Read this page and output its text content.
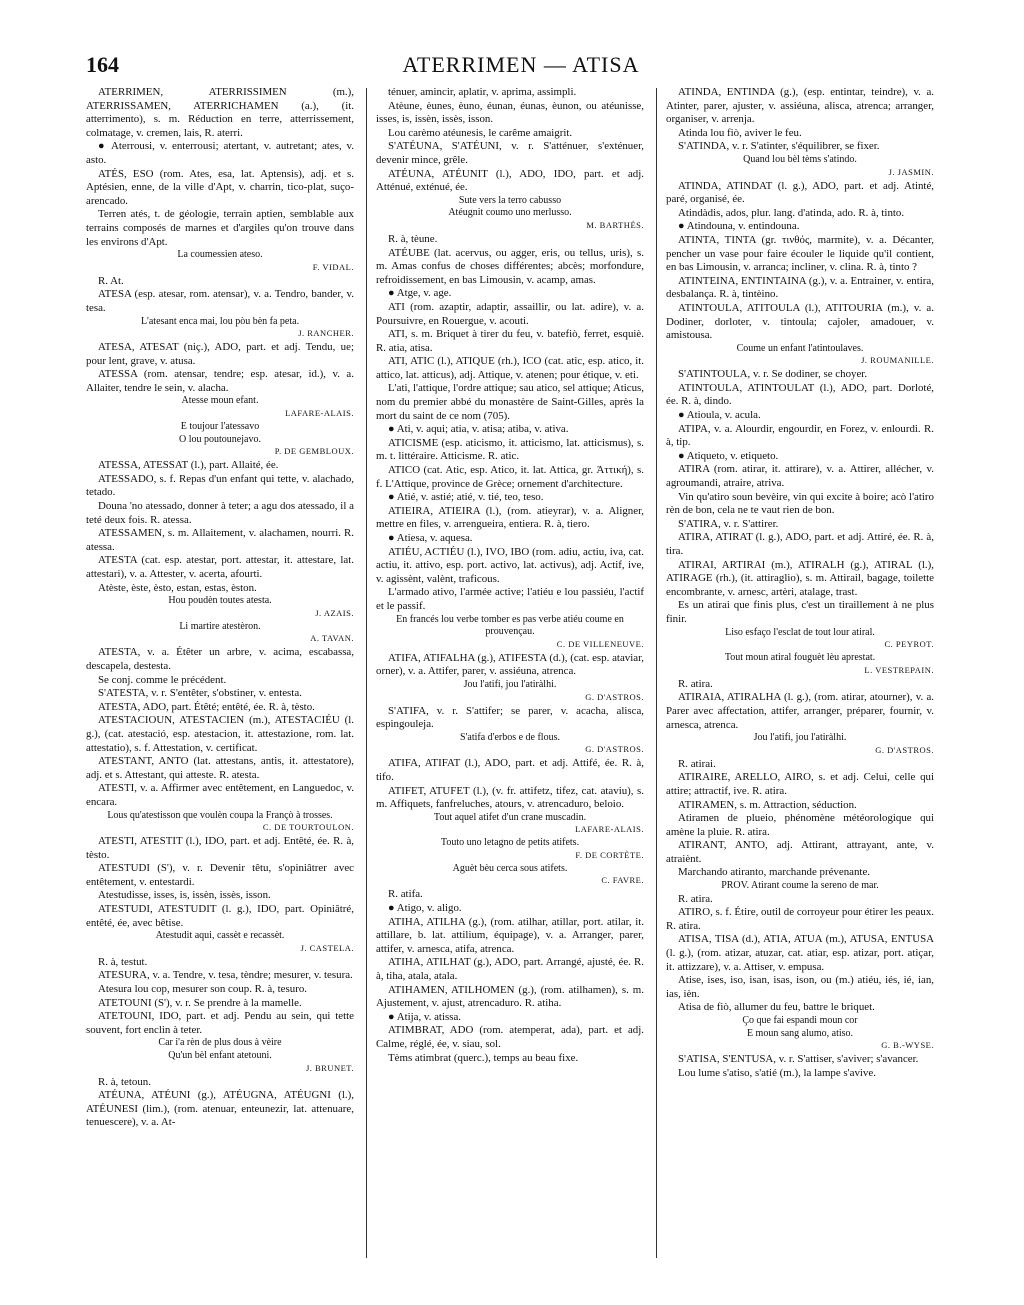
164	ATERRIMEN — ATISA
ATERRIMEN, ATERRISSIMEN (m.), ATERRISSAMEN, ATERRICHAMEN (a.), (it. atterrimento), s. m. Réduction en terre, atterrissement, colmatage, v. cremen, lais, R. aterri.
● Aterrousi, v. enterrousi; atertant, v. autretant; ates, v. asto.
ATÉS, ESO (rom. Ates, esa, lat. Aptensis), adj. et s. Aptésien, enne, de la ville d'Apt, v. charrin, tico-plat, suço-arencado.
Terren atés, t. de géologie, terrain aptien, semblable aux terrains composés de marnes et d'argiles qu'on trouve dans les environs d'Apt.
La coumessien ateso.
F. VIDAL.
R. At.
ATESA (esp. atesar, rom. atensar), v. a. Tendro, bander, v. tesa.
L'atesant enca mai, lou pòu bèn fa peta.
J. RANCHER.
ATESA, ATESAT (niç.), ADO, part. et adj. Tendu, ue; pour lent, grave, v. atusa.
ATESSA (rom. atensar, tendre; esp. atesar, id.), v. a. Allaiter, tendre le sein, v. alacha.
Atesse moun efant.
LAFARE-ALAIS.
E toujour l'atessavo
O lou poutounejavo.
P. DE GEMBLOUX.
ATESSA, ATESSAT (l.), part. Allaité, ée.
ATESSADO, s. f. Repas d'un enfant qui tette, v. alachado, tetado.
Douna 'no atessado, donner à teter; a agu dos atessado, il a teté deux fois. R. atessa.
ATESSAMEN, s. m. Allaitement, v. alachamen, nourri. R. atessa.
ATESTA (cat. esp. atestar, port. attestar, it. attestare, lat. attestari), v. a. Attester, v. acerta, afourti.
Atèste, èste, èsto, estan, estas, èston.
Hou poudèn toutes atesta.
J. AZAIS.
Li martire atestèron.
A. TAVAN.
ATESTA, v. a. Étêter un arbre, v. acima, escabassa, descapela, destesta.
Se conj. comme le précédent.
S'ATESTA, v. r. S'entêter, s'obstiner, v. entesta.
ATESTA, ADO, part. Étêté; entêté, ée. R. à, tèsto.
ATESTACIOUN, ATESTACIEN (m.), ATESTACIÉU (l. g.), (cat. atestació, esp. atestacion, it. attestazione, rom. lat. attestatio), s. f. Attestation, v. certificat.
ATESTANT, ANTO (lat. attestans, antis, it. attestatore), adj. et s. Attestant, qui atteste. R. atesta.
ATESTI, v. a. Affirmer avec entêtement, en Languedoc, v. encara.
Lous qu'atestisson que voulèn coupa la Françò à trosses.
C. DE TOURTOULON.
ATESTI, ATESTIT (l.), IDO, part. et adj. Entêté, ée. R. à, tèsto.
ATESTUDI (S'), v. r. Devenir têtu, s'opiniâtrer avec entêtement, v. entestardi.
Atestudisse, isses, is, issèn, issès, isson.
ATESTUDI, ATESTUDIT (l. g.), IDO, part. Opiniâtré, entêté, ée, avec bêtise.
Atestudit aqui, cassèt e recassèt.
J. CASTELA.
R. à, testut.
ATESURA, v. a. Tendre, v. tesa, tèndre; mesurer, v. tesura.
Atesura lou cop, mesurer son coup. R. à, tesuro.
ATETOUNI (S'), v. r. Se prendre à la mamelle.
ATETOUNI, IDO, part. et adj. Pendu au sein, qui tette souvent, fort enclin à teter.
Car i'a rèn de plus dous à vèire
Qu'un bèl enfant atetouni.
J. BRUNET.
R. à, tetoun.
ATÉUNA, ATÉUNI (g.), ATÉUGNA, ATÉUGNI (l.), ATÉUNESI (lim.), (rom. atenuar, enteunezir, lat. attenuare, tenuescere), v. a. At-
ténuer, amincir, aplatir, v. aprima, assimpli.
Atèune, èunes, èuno, éunan, éunas, èunon, ou atéunisse, isses, is, issèn, issès, isson.
Lou carèmo atéunesis, le carême amaigrit.
S'ATÉUNA, S'ATÉUNI, v. r. S'atténuer, s'exténuer, devenir mince, grêle.
ATÉUNA, ATÉUNIT (l.), ADO, IDO, part. et adj. Atténué, exténué, ée.
Sute vers la terro cabusso
Atéugnit coumo uno merlusso.
M. BARTHÉS.
R. à, tèune.
ATÉUBE (lat. acervus, ou agger, eris, ou tellus, uris), s. m. Amas confus de choses différentes; abcès; morfondure, refroidissement, en bas Limousin, v. acamp, amas.
● Atge, v. age.
ATI (rom. azaptir, adaptir, assaillir, ou lat. adire), v. a. Poursuivre, en Rouergue, v. acouti.
ATI, s. m. Briquet à tirer du feu, v. batefiò, ferret, esquiè. R. atia, atisa.
ATI, ATIC (l.), ATIQUE (rh.), ICO (cat. atic, esp. atico, it. attico, lat. atticus), adj. Attique, v. atenen; pour étique, v. eti.
L'ati, l'attique, l'ordre attique; sau atico, sel attique; Aticus, nom du premier abbé du monastère de Saint-Gilles, après la mort du saint de ce nom (705).
● Ati, v. aqui; atia, v. atisa; atiba, v. ativa.
ATICISME (esp. aticismo, it. atticismo, lat. atticismus), s. m. t. littéraire. Atticisme. R. atic.
ATICO (cat. Atic, esp. Atico, it. lat. Attica, gr. Ἀττική), s. f. L'Attique, province de Grèce; ornement d'architecture.
● Atié, v. astié; atié, v. tié, teo, teso.
ATIEIRA, ATIEIRA (l.), (rom. atieyrar), v. a. Aligner, mettre en files, v. arrengueira, entiera. R. à, tiero.
● Atiesa, v. aquesa.
ATIÉU, ACTIÉU (l.), IVO, IBO (rom. adiu, actiu, iva, cat. actiu, it. attivo, esp. port. activo, lat. activus), adj. Actif, ive, v. agissènt, valènt, traficous.
L'armado ativo, l'armée active; l'atiéu e lou passiéu, l'actif et le passif.
En francés lou verbe tomber es pas verbe atiéu coume en prouvençau.
C. DE VILLENEUVE.
ATIFA, ATIFALHA (g.), ATIFESTA (d.), (cat. esp. ataviar, orner), v. a. Attifer, parer, v. assiéuna, atrenca.
Jou l'atifi, jou l'atiràlhi.
G. D'ASTROS.
S'ATIFA, v. r. S'attifer; se parer, v. acacha, alisca, espingouleja.
S'atifa d'erbos e de flous.
G. D'ASTROS.
ATIFA, ATIFAT (l.), ADO, part. et adj. Attifé, ée. R. à, tifo.
ATIFET, ATUFET (l.), (v. fr. attifetz, tifez, cat. ataviu), s. m. Affiquets, fanfreluches, atours, v. atrencaduro, beloio.
Tout aquel atifet d'un crane muscadin.
LAFARE-ALAIS.
Touto uno letagno de petits atifets.
F. DE CORTÈTE.
Aguèt bèu cerca sous atifets.
C. FAVRE.
R. atifa.
● Atigo, v. aligo.
ATIHA, ATILHA (g.), (rom. atilhar, atillar, port. atilar, it. attillare, b. lat. attilium, équipage), v. a. Arranger, parer, attifer, v. arnesca, atifa, atrenca.
ATIHA, ATILHAT (g.), ADO, part. Arrangé, ajusté, ée. R. à, tiha, atala, atala.
ATIHAMEN, ATILHOMEN (g.), (rom. atilhamen), s. m. Ajustement, v. ajust, atrencaduro. R. atiha.
● Atija, v. atissa.
ATIMBRAT, ADO (rom. atemperat, ada), part. et adj. Calme, réglé, ée, v. siau, sol.
Tèms atimbrat (querc.), temps au beau fixe.
ATINDA, ENTINDA (g.), (esp. entintar, teindre), v. a. Atinter, parer, ajuster, v. assiéuna, alisca, atrenca; arranger, organiser, v. arrenja.
Atinda lou fiò, aviver le feu.
S'ATINDA, v. r. S'atinter, s'équilibrer, se fixer.
Quand lou bèl tèms s'atindo.
J. JASMIN.
ATINDA, ATINDAT (l. g.), ADO, part. et adj. Atinté, paré, organisé, ée.
Atindàdis, ados, plur. lang. d'atinda, ado. R. à, tinto.
● Atindouna, v. entindouna.
ATINTA, TINTA (gr. τινθός, marmite), v. a. Décanter, pencher un vase pour faire écouler le liquide qu'il contient, en bas Limousin, v. arranca; incliner, v. clina. R. à, tinto ?
ATINTEINA, ENTINTAINA (g.), v. a. Entrainer, v. entira, desbalança. R. à, tintèino.
ATINTOULA, ATITOULA (l.), ATITOURIA (m.), v. a. Dodiner, dorloter, v. tintoula; cajoler, amadouer, v. amistousa.
Coume un enfant l'atintoulaves.
J. ROUMANILLE.
S'ATINTOULA, v. r. Se dodiner, se choyer.
ATINTOULA, ATINTOULAT (l.), ADO, part. Dorloté, ée. R. à, dindo.
● Atioula, v. acula.
ATIPA, v. a. Alourdir, engourdir, en Forez, v. enlourdi. R. à, tip.
● Atiqueto, v. etiqueto.
ATIRA (rom. atirar, it. attirare), v. a. Attirer, allécher, v. agroumandi, atraire, atriva.
Vin qu'atiro soun bevèire, vin qui excite à boire; acò l'atiro rèn de bon, cela ne te vaut rien de bon.
S'ATIRA, v. r. S'attirer.
ATIRA, ATIRAT (l. g.), ADO, part. et adj. Attiré, ée. R. à, tira.
ATIRAI, ARTIRAI (m.), ATIRALH (g.), ATIRAL (l.), ATIRAGE (rh.), (it. attiraglio), s. m. Attirail, bagage, toilette encombrante, v. arnesc, artèri, atalage, trast.
Es un atirai que finis plus, c'est un tiraillement à ne plus finir.
Liso esfaço l'esclat de tout lour atiral.
C. PEYROT.
Tout moun atiral fouguèt lèu aprestat.
L. VESTREPAIN.
R. atira.
ATIRAIA, ATIRALHA (l. g.), (rom. atirar, atourner), v. a. Parer avec affectation, attifer, arranger, préparer, fournir, v. arnesca, atrenca.
Jou l'atifi, jou l'atiràlhi.
G. D'ASTROS.
R. atirai.
ATIRAIRE, ARELLO, AIRO, s. et adj. Celui, celle qui attire; attractif, ive. R. atira.
ATIRAMEN, s. m. Attraction, séduction.
Atiramen de plueio, phénomène météorologique qui amène la pluie. R. atira.
ATIRANT, ANTO, adj. Attirant, attrayant, ante, v. atraiènt.
Marchando atiranto, marchande prévenante.
PROV. Atirant coume la sereno de mar.
R. atira.
ATIRO, s. f. Étire, outil de corroyeur pour étirer les peaux. R. atira.
ATISA, TISA (d.), ATIA, ATUA (m.), ATUSA, ENTUSA (l. g.), (rom. atizar, atuzar, cat. atiar, esp. atizar, port. atiçar, it. attizzare), v. a. Attiser, v. empusa.
Atise, ises, iso, isan, isas, ison, ou (m.) atiéu, iés, ié, ian, ias, ièn.
Atisa de fiò, allumer du feu, battre le briquet.
Ço que fai espandi moun cor
E moun sang alumo, atiso.
G. B.-WYSE.
S'ATISA, S'ENTUSA, v. r. S'attiser, s'aviver; s'avancer.
Lou lume s'atiso, s'atié (m.), la lampe s'avive.
